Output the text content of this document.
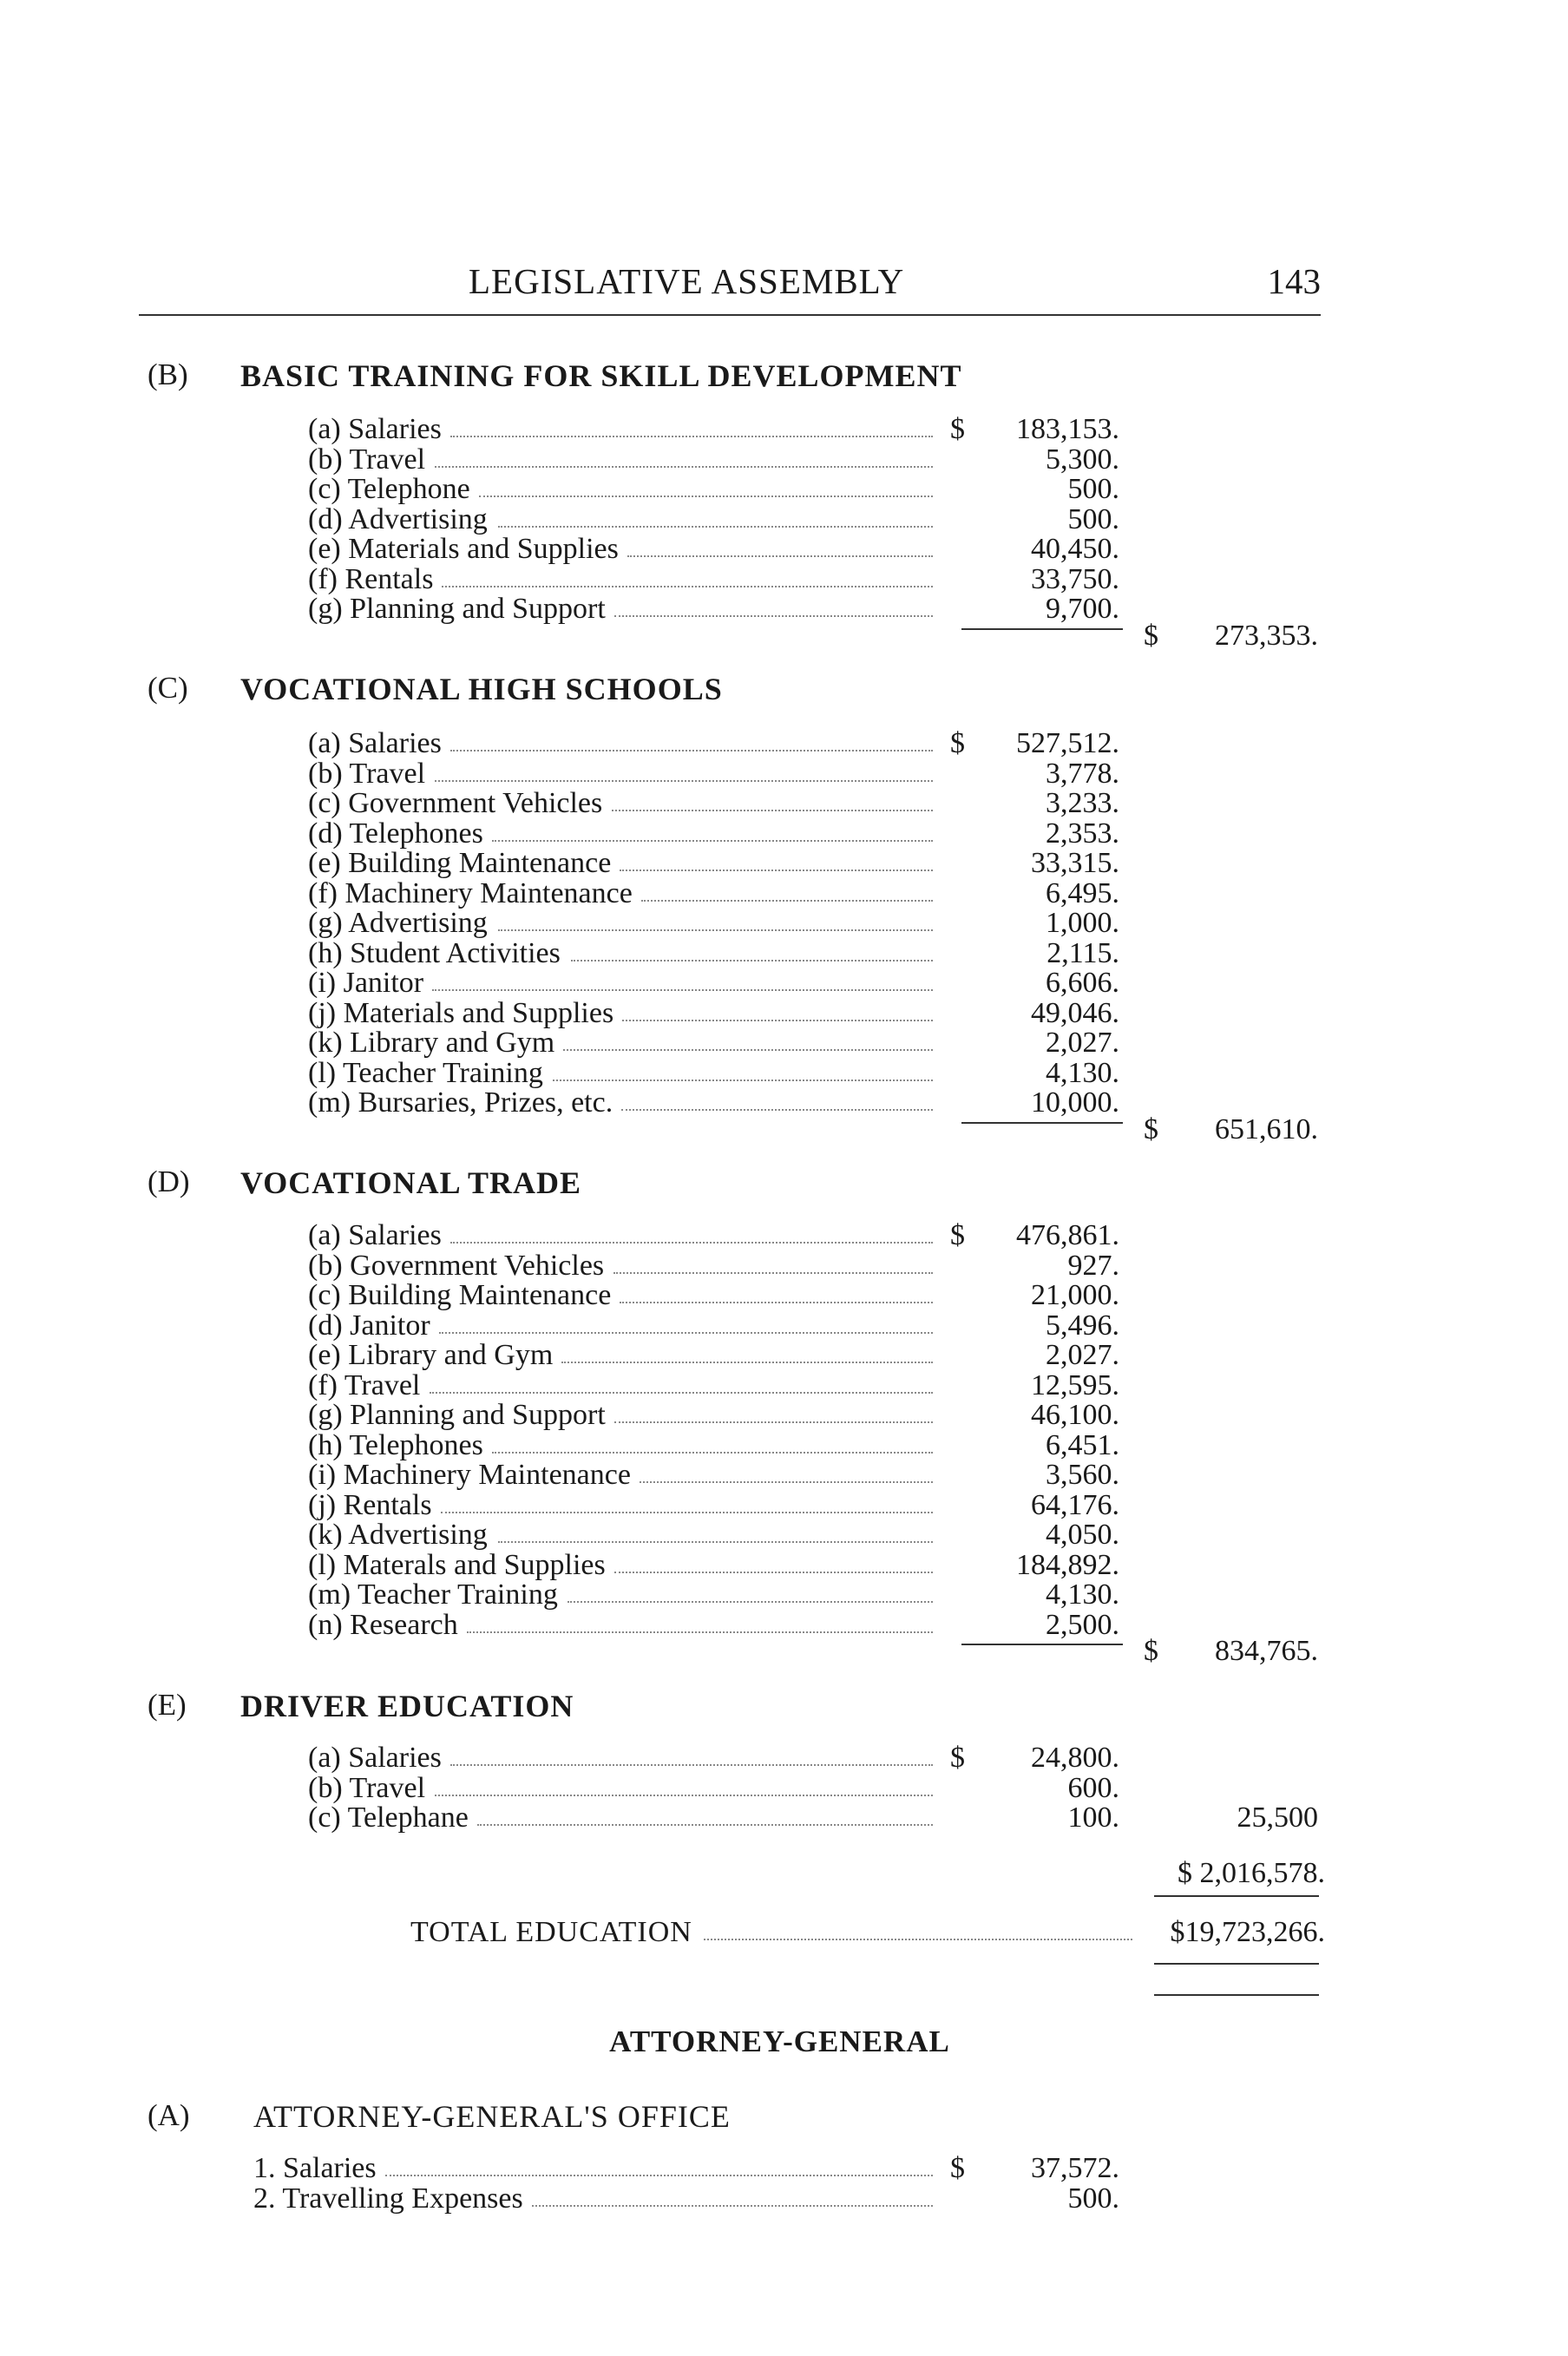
LEGISLATIVE ASSEMBLY	143
(B) BASIC TRAINING FOR SKILL DEVELOPMENT
(a) Salaries	$ 183,153.
(b) Travel	5,300.
(c) Telephone	500.
(d) Advertising	500.
(e) Materials and Supplies	40,450.
(f) Rentals	33,750.
(g) Planning and Support	9,700.
$ 273,353.
(C) VOCATIONAL HIGH SCHOOLS
(a) Salaries	$ 527,512.
(b) Travel	3,778.
(c) Government Vehicles	3,233.
(d) Telephones	2,353.
(e) Building Maintenance	33,315.
(f) Machinery Maintenance	6,495.
(g) Advertising	1,000.
(h) Student Activities	2,115.
(i) Janitor	6,606.
(j) Materials and Supplies	49,046.
(k) Library and Gym	2,027.
(l) Teacher Training	4,130.
(m) Bursaries, Prizes, etc.	10,000.
$ 651,610.
(D) VOCATIONAL TRADE
(a) Salaries	$ 476,861.
(b) Government Vehicles	927.
(c) Building Maintenance	21,000.
(d) Janitor	5,496.
(e) Library and Gym	2,027.
(f) Travel	12,595.
(g) Planning and Support	46,100.
(h) Telephones	6,451.
(i) Machinery Maintenance	3,560.
(j) Rentals	64,176.
(k) Advertising	4,050.
(l) Materals and Supplies	184,892.
(m) Teacher Training	4,130.
(n) Research	2,500.
$ 834,765.
(E) DRIVER EDUCATION
(a) Salaries	$ 24,800.
(b) Travel	600.
(c) Telephane	100.	25,500
$ 2,016,578.
TOTAL EDUCATION	$19,723,266.
ATTORNEY-GENERAL
(A) ATTORNEY-GENERAL'S OFFICE
1. Salaries	$ 37,572.
2. Travelling Expenses	500.
